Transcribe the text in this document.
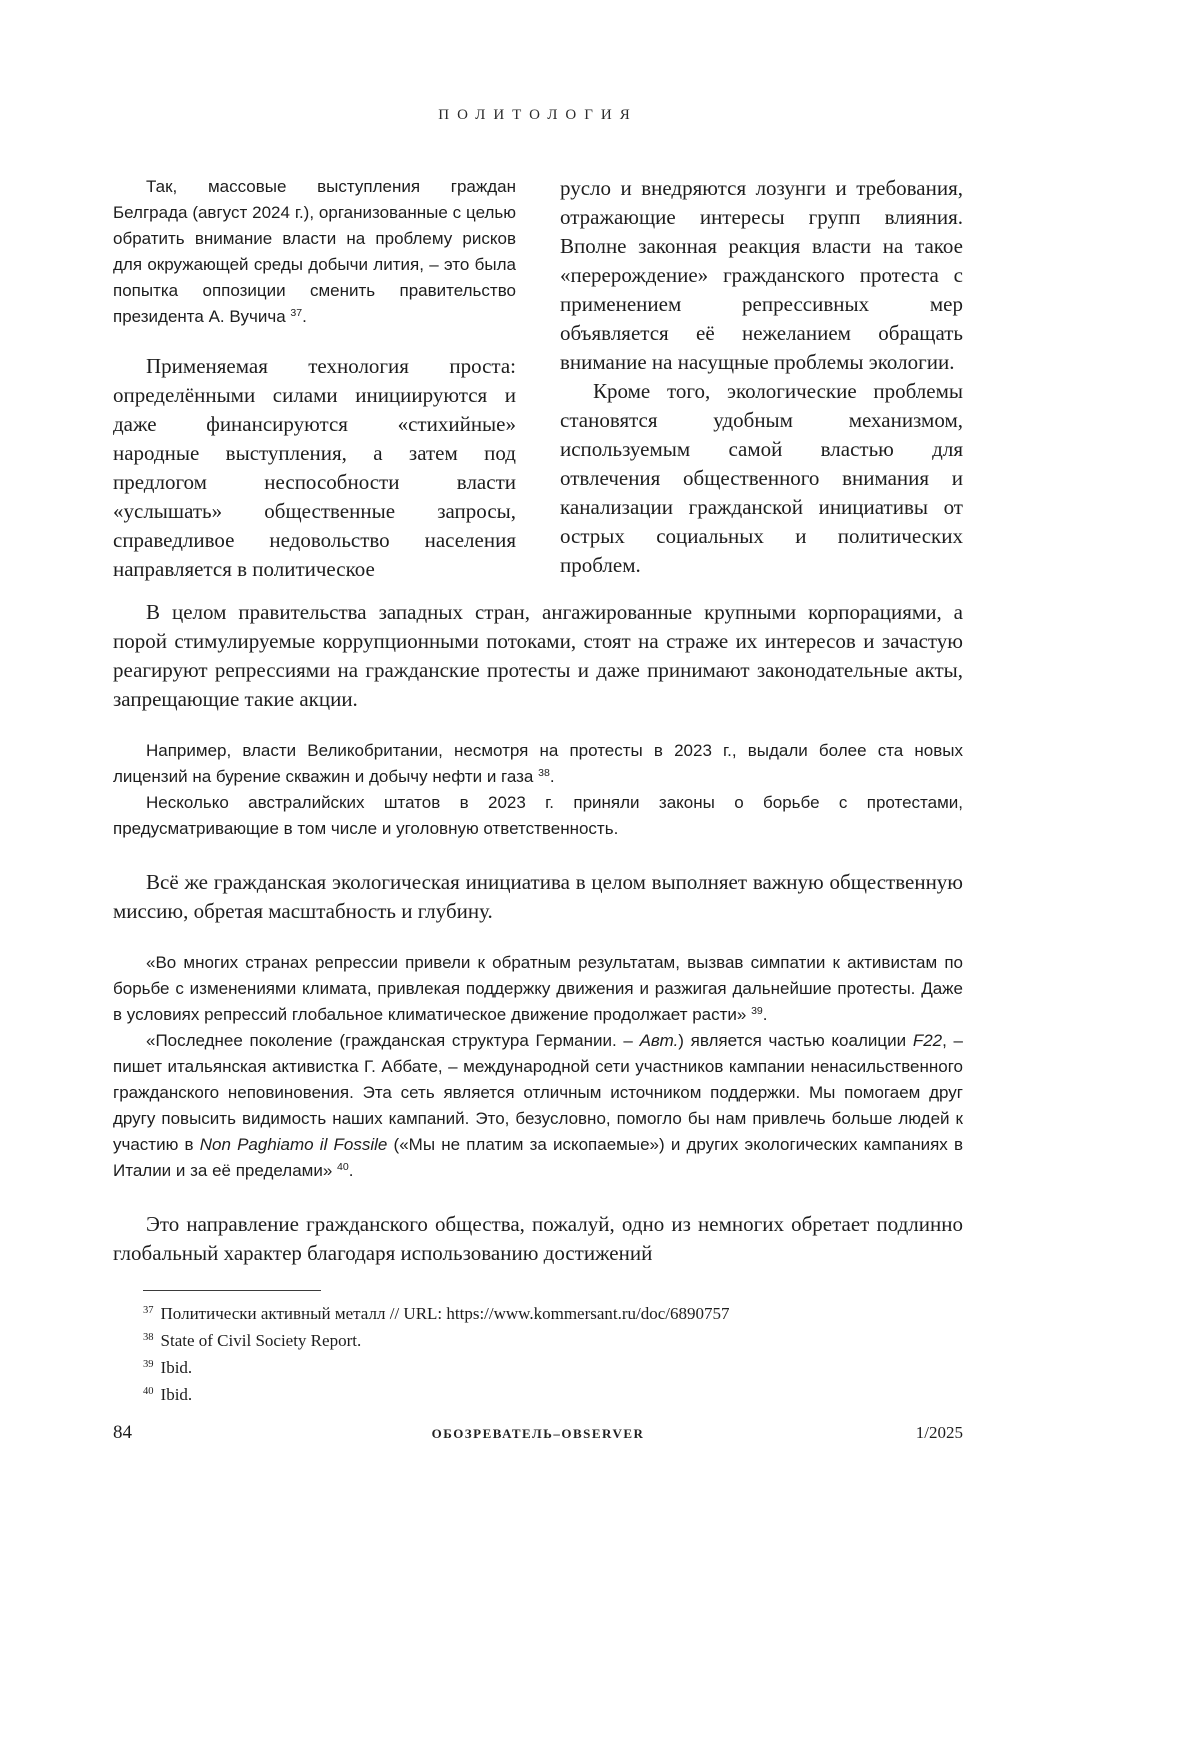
ПОЛИТОЛОГИЯ

Так, массовые выступления граждан Белграда (август 2024 г.), организованные с целью обратить внимание власти на проблему рисков для окружающей среды добычи лития, – это была попытка оппозиции сменить правительство президента А. Вучича $^{37}$.

Применяемая технология проста: определёнными силами инициируются и даже финансируются «стихийные» народные выступления, а затем под предлогом неспособности власти «услышать» общественные запросы, справедливое недовольство населения направляется в политическое

русло и внедряются лозунги и требования, отражающие интересы групп влияния. Вполне законная реакция власти на такое «перерождение» гражданского протеста с применением репрессивных мер объявляется её нежеланием обращать внимание на насущные проблемы экологии.

Кроме того, экологические проблемы становятся удобным механизмом, используемым самой властью для отвлечения общественного внимания и канализации гражданской инициативы от острых социальных и политических проблем.

В целом правительства западных стран, ангажированные крупными корпорациями, а порой стимулируемые коррупционными потоками, стоят на страже их интересов и зачастую реагируют репрессиями на гражданские протесты и даже принимают законодательные акты, запрещающие такие акции.

Например, власти Великобритании, несмотря на протесты в 2023 г., выдали более ста новых лицензий на бурение скважин и добычу нефти и газа $^{38}$.

Несколько австралийских штатов в 2023 г. приняли законы о борьбе с протестами, предусматривающие в том числе и уголовную ответственность.

Всё же гражданская экологическая инициатива в целом выполняет важную общественную миссию, обретая масштабность и глубину.

«Во многих странах репрессии привели к обратным результатам, вызвав симпатии к активистам по борьбе с изменениями климата, привлекая поддержку движения и разжигая дальнейшие протесты. Даже в условиях репрессий глобальное климатическое движение продолжает расти» $^{39}$.

«Последнее поколение (гражданская структура Германии. – Авт.) является частью коалиции F22, – пишет итальянская активистка Г. Аббате, – международной сети участников кампании ненасильственного гражданского неповиновения. Эта сеть является отличным источником поддержки. Мы помогаем друг другу повысить видимость наших кампаний. Это, безусловно, помогло бы нам привлечь больше людей к участию в Non Paghiamo il Fossile («Мы не платим за ископаемые») и других экологических кампаниях в Италии и за её пределами» $^{40}$.

Это направление гражданского общества, пожалуй, одно из немногих обретает подлинно глобальный характер благодаря использованию достижений

$^{37}$ Политически активный металл // URL: https://www.kommersant.ru/doc/6890757

$^{38}$ State of Civil Society Report.

$^{39}$ Ibid.

$^{40}$ Ibid.

84	ОБОЗРЕВАТЕЛЬ–OBSERVER	1/2025
